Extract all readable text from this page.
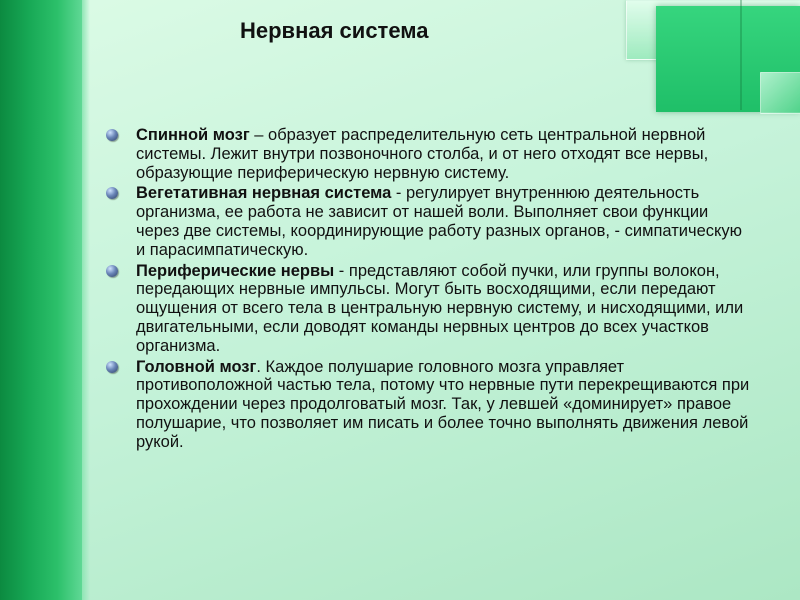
Нервная система
Спинной мозг – образует распределительную сеть центральной нервной системы. Лежит внутри позвоночного столба, и от него отходят все нервы, образующие периферическую нервную систему.
Вегетативная нервная система - регулирует внутреннюю деятельность организма, ее работа не зависит от нашей воли. Выполняет свои функции через две системы, координирующие работу разных органов, - симпатическую и парасимпатическую.
Периферические нервы - представляют собой пучки, или группы волокон, передающих нервные импульсы. Могут быть восходящими, если передают ощущения от всего тела в центральную нервную систему, и нисходящими, или двигательными, если доводят команды нервных центров до всех участков организма.
Головной мозг. Каждое полушарие головного мозга управляет противоположной частью тела, потому что нервные пути перекрещиваются при прохождении через продолговатый мозг. Так, у левшей «доминирует» правое полушарие, что позволяет им писать и более точно выполнять движения левой рукой.
